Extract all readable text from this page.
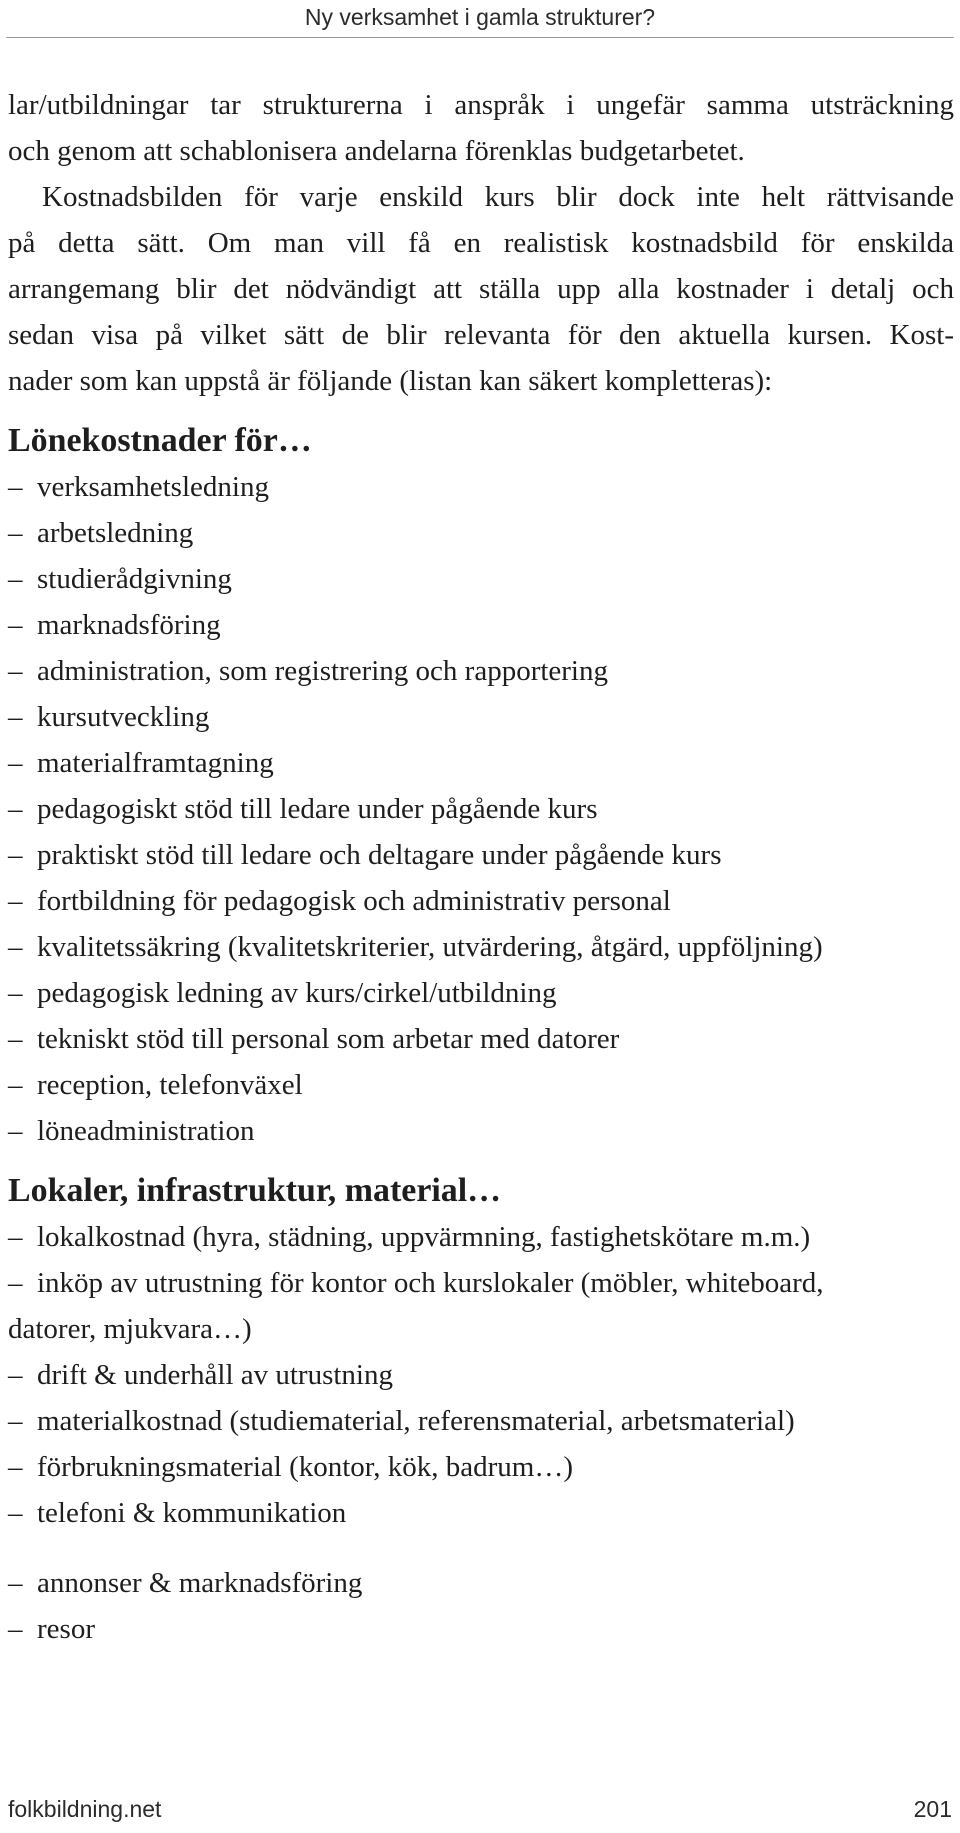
Ny verksamhet i gamla strukturer?

lar/utbildningar tar strukturerna i anspråk i ungefär samma utsträckning
och genom att schablonisera andelarna förenklas budgetarbetet.
Kostnadsbilden för varje enskild kurs blir dock inte helt rättvisande
på detta sätt. Om man vill få en realistisk kostnadsbild för enskilda
arrangemang blir det nödvändigt att ställa upp alla kostnader i detalj och
sedan visa på vilket sätt de blir relevanta för den aktuella kursen. Kost-
nader som kan uppstå är följande (listan kan säkert kompletteras):

Lönekostnader för…
– verksamhetsledning
– arbetsledning
– studierådgivning
– marknadsföring
– administration, som registrering och rapportering
– kursutveckling
– materialframtagning
– pedagogiskt stöd till ledare under pågående kurs
– praktiskt stöd till ledare och deltagare under pågående kurs
– fortbildning för pedagogisk och administrativ personal
– kvalitetssäkring (kvalitetskriterier, utvärdering, åtgärd, uppföljning)
– pedagogisk ledning av kurs/cirkel/utbildning
– tekniskt stöd till personal som arbetar med datorer
– reception, telefonväxel
– löneadministration
Lokaler, infrastruktur, material…
– lokalkostnad (hyra, städning, uppvärmning, fastighetskötare m.m.)
– inköp av utrustning för kontor och kurslokaler (möbler, whiteboard,
datorer, mjukvara…)
– drift & underhåll av utrustning
– materialkostnad (studiematerial, referensmaterial, arbetsmaterial)
– förbrukningsmaterial (kontor, kök, badrum…)
– telefoni & kommunikation
– annonser & marknadsföring
– resor
folkbildning.net	201
